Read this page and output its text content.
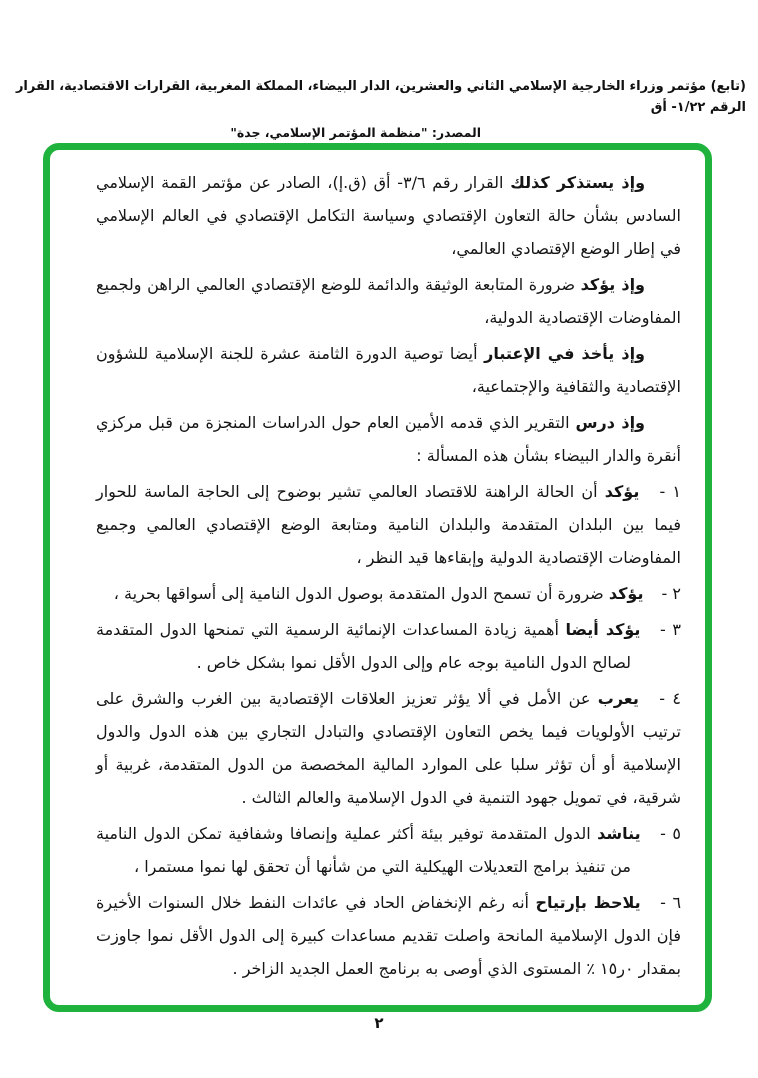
(تابع) مؤتمر وزراء الخارجية الإسلامي الثاني والعشرين، الدار البيضاء، المملكة المغربية، القرارات الاقتصادية، القرار الرقم ١/٢٢- أق
المصدر: "منظمة المؤتمر الإسلامي، جدة"

وإذ يستذكر كذلك القرار رقم ٣/٦- أق (ق.إ)، الصادر عن مؤتمر القمة الإسلامي السادس بشأن حالة التعاون الإقتصادي وسياسة التكامل الإقتصادي في العالم الإسلامي في إطار الوضع الإقتصادي العالمي،

وإذ يؤكد ضرورة المتابعة الوثيقة والدائمة للوضع الإقتصادي العالمي الراهن ولجميع المفاوضات الإقتصادية الدولية،

وإذ يأخذ في الإعتبار أيضا توصية الدورة الثامنة عشرة للجنة الإسلامية للشؤون الإقتصادية والثقافية والإجتماعية،

وإذ درس التقرير الذي قدمه الأمين العام حول الدراسات المنجزة من قبل مركزي أنقرة والدار البيضاء بشأن هذه المسألة :

١ - يؤكد أن الحالة الراهنة للاقتصاد العالمي تشير بوضوح إلى الحاجة الماسة للحوار فيما بين البلدان المتقدمة والبلدان النامية ومتابعة الوضع الإقتصادي العالمي وجميع المفاوضات الإقتصادية الدولية وإبقاءها قيد النظر ،

٢ - يؤكد ضرورة أن تسمح الدول المتقدمة بوصول الدول النامية إلى أسواقها بحرية ،

٣ - يؤكد أيضا أهمية زيادة المساعدات الإنمائية الرسمية التي تمنحها الدول المتقدمة لصالح الدول النامية بوجه عام وإلى الدول الأقل نموا بشكل خاص .

٤ - يعرب عن الأمل في ألا يؤثر تعزيز العلاقات الإقتصادية بين الغرب والشرق على ترتيب الأولويات فيما يخص التعاون الإقتصادي والتبادل التجاري بين هذه الدول والدول الإسلامية أو أن تؤثر سلبا على الموارد المالية المخصصة من الدول المتقدمة، غربية أو شرقية، في تمويل جهود التنمية في الدول الإسلامية والعالم الثالث .

٥ - يناشد الدول المتقدمة توفير بيئة أكثر عملية وإنصافا وشفافية تمكن الدول النامية من تنفيذ برامج التعديلات الهيكلية التي من شأنها أن تحقق لها نموا مستمرا ،

٦ - يلاحظ بإرتياح أنه رغم الإنخفاض الحاد في عائدات النفط خلال السنوات الأخيرة فإن الدول الإسلامية المانحة واصلت تقديم مساعدات كبيرة إلى الدول الأقل نموا جاوزت بمقدار ٠ر١٥ ٪ المستوى الذي أوصى به برنامج العمل الجديد الزاخر .

٢
